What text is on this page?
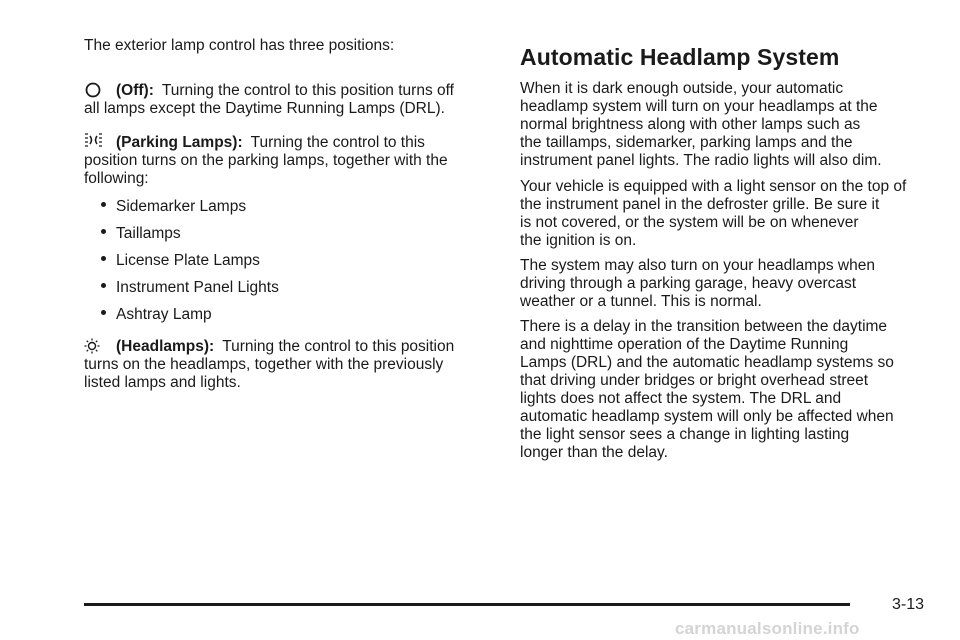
The exterior lamp control has three positions:

(Off): Turning the control to this position turns off

all lamps except the Daytime Running Lamps (DRL).

(Parking Lamps): Turning the control to this

position turns on the parking lamps, together with the

following:

Sidemarker Lamps
Taillamps
License Plate Lamps
Instrument Panel Lights
Ashtray Lamp

(Headlamps): Turning the control to this position

turns on the headlamps, together with the previously

listed lamps and lights.

Automatic Headlamp System

When it is dark enough outside, your automatic

headlamp system will turn on your headlamps at the

normal brightness along with other lamps such as

the taillamps, sidemarker, parking lamps and the

instrument panel lights. The radio lights will also dim.

Your vehicle is equipped with a light sensor on the top of

the instrument panel in the defroster grille. Be sure it

is not covered, or the system will be on whenever

the ignition is on.

The system may also turn on your headlamps when

driving through a parking garage, heavy overcast

weather or a tunnel. This is normal.

There is a delay in the transition between the daytime

and nighttime operation of the Daytime Running

Lamps (DRL) and the automatic headlamp systems so

that driving under bridges or bright overhead street

lights does not affect the system. The DRL and

automatic headlamp system will only be affected when

the light sensor sees a change in lighting lasting

longer than the delay.

3-13
carmanualsonline.info
